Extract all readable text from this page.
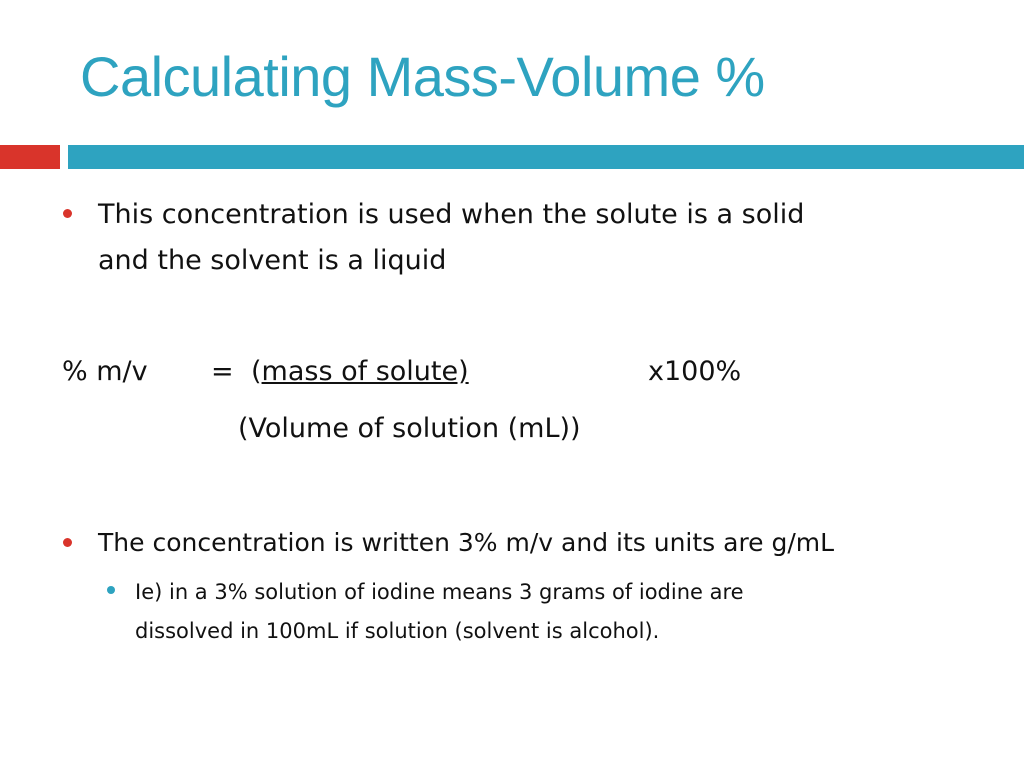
Calculating Mass-Volume %
This concentration is used when the solute is a solid
and the solvent is a liquid
% m/v = (mass of solute)	x100%
(Volume of solution (mL))
The concentration is written 3% m/v and its units are g/mL
Ie) in a 3% solution of iodine means 3 grams of iodine are
dissolved in 100mL if solution (solvent is alcohol).
